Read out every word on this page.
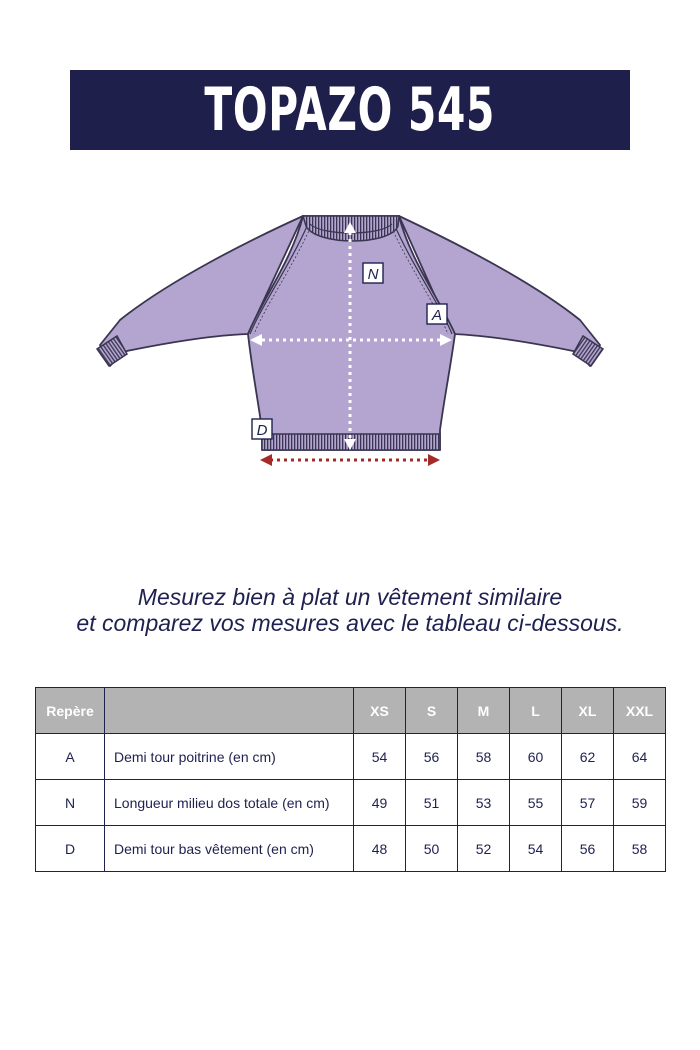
TOPAZO 545
N
A
D
Mesurez bien à plat un vêtement similaire
et comparez vos mesures avec le tableau ci-dessous.
Repère		XS	S	M	L	XL	XXL
A	Demi tour poitrine (en cm)	54	56	58	60	62	64
N	Longueur milieu dos totale (en cm)	49	51	53	55	57	59
D	Demi tour bas vêtement (en cm)	48	50	52	54	56	58
